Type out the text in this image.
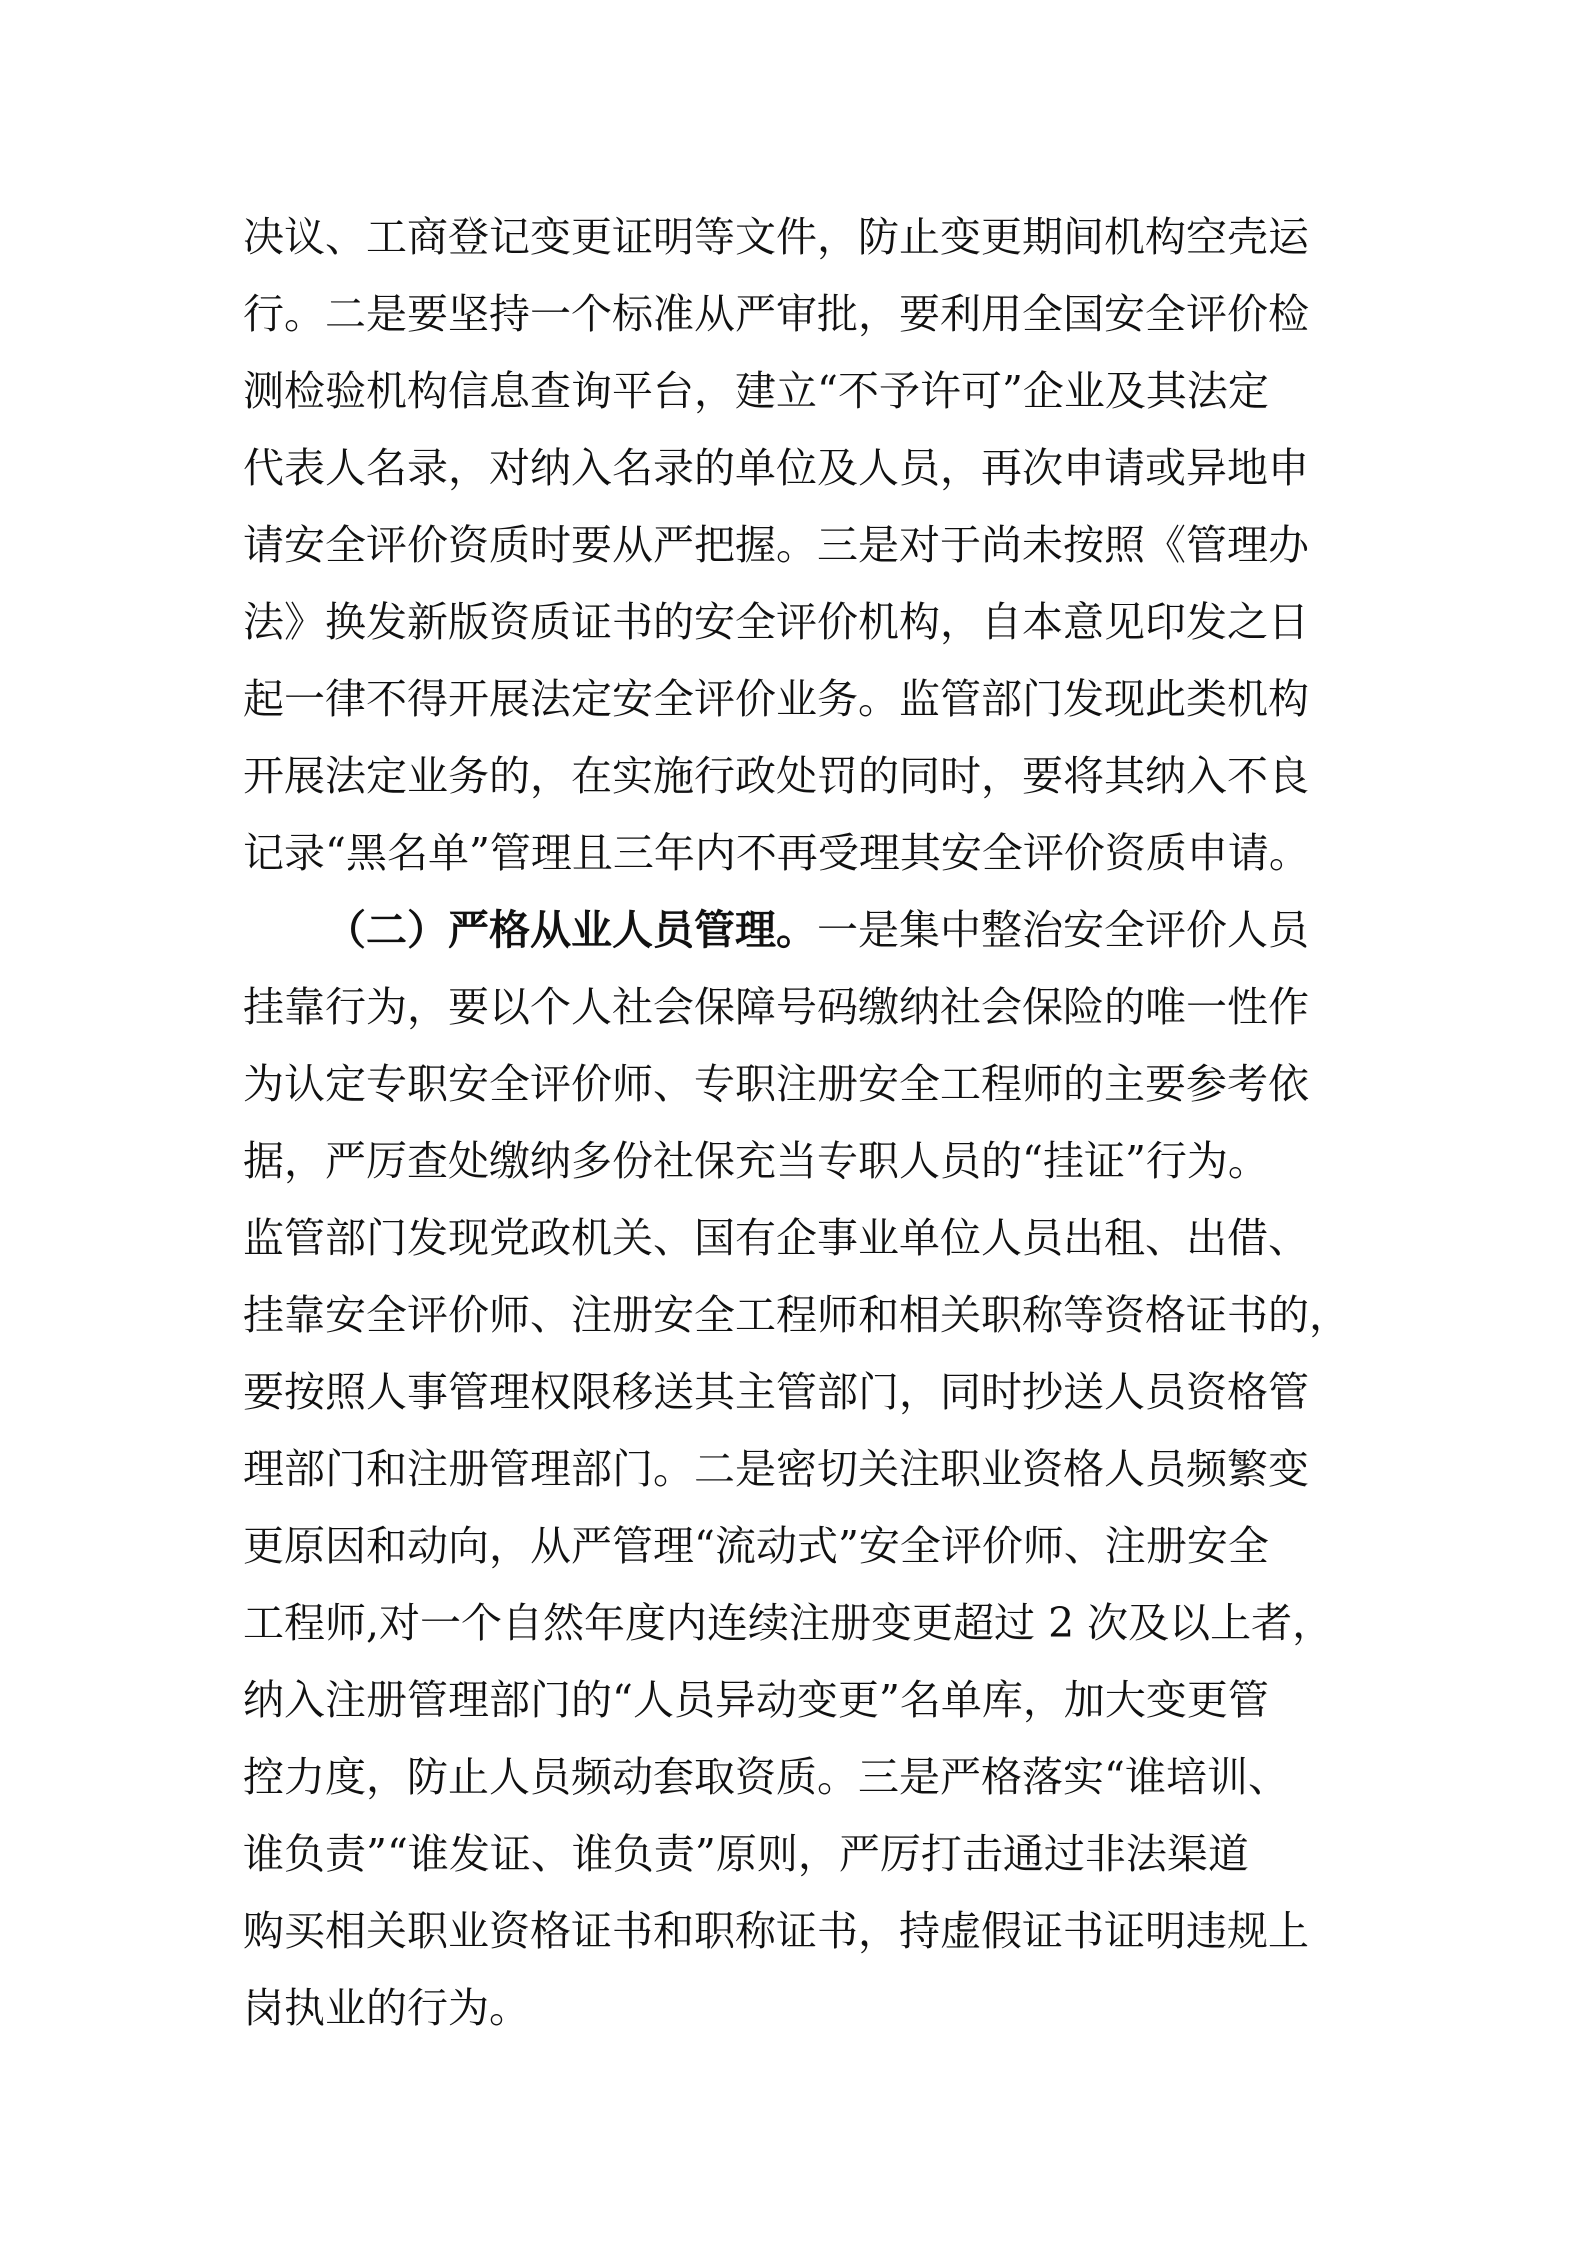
决议、工商登记变更证明等文件，防止变更期间机构空壳运
行。二是要坚持一个标准从严审批，要利用全国安全评价检
测检验机构信息查询平台，建立“不予许可”企业及其法定
代表人名录，对纳入名录的单位及人员，再次申请或异地申
请安全评价资质时要从严把握。三是对于尚未按照《管理办
法》换发新版资质证书的安全评价机构，自本意见印发之日
起一律不得开展法定安全评价业务。监管部门发现此类机构
开展法定业务的，在实施行政处罚的同时，要将其纳入不良
记录“黑名单”管理且三年内不再受理其安全评价资质申请。
（二）严格从业人员管理。一是集中整治安全评价人员
挂靠行为，要以个人社会保障号码缴纳社会保险的唯一性作
为认定专职安全评价师、专职注册安全工程师的主要参考依
据，严厉查处缴纳多份社保充当专职人员的“挂证”行为。
监管部门发现党政机关、国有企事业单位人员出租、出借、
挂靠安全评价师、注册安全工程师和相关职称等资格证书的，
要按照人事管理权限移送其主管部门，同时抄送人员资格管
理部门和注册管理部门。二是密切关注职业资格人员频繁变
更原因和动向，从严管理“流动式”安全评价师、注册安全
工程师,对一个自然年度内连续注册变更超过 2 次及以上者，
纳入注册管理部门的“人员异动变更”名单库，加大变更管
控力度，防止人员频动套取资质。三是严格落实“谁培训、
谁负责”“谁发证、谁负责”原则，严厉打击通过非法渠道
购买相关职业资格证书和职称证书，持虚假证书证明违规上
岗执业的行为。
